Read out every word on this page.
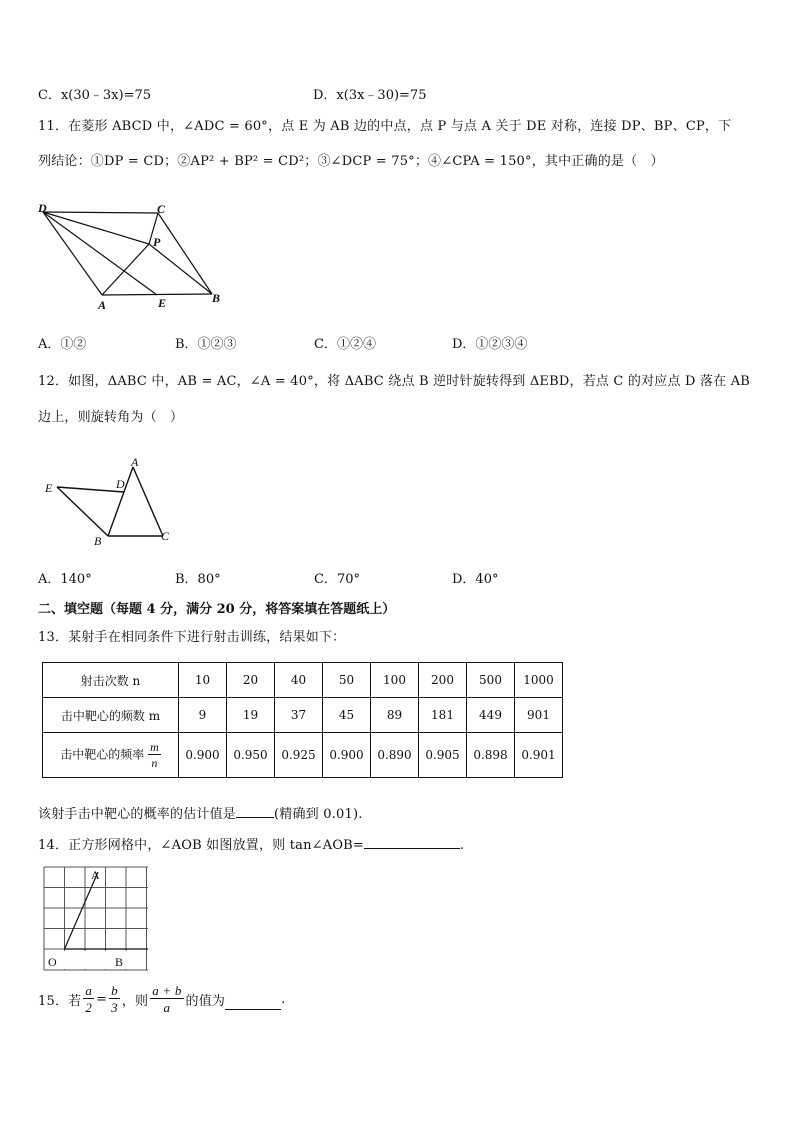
C．x(30﹣3x)=75	D．x(3x﹣30)=75
11．在菱形 ABCD 中，∠ADC = 60°，点 E 为 AB 边的中点，点 P 与点 A 关于 DE 对称，连接 DP、BP、CP，下
列结论：①DP = CD；②AP² + BP² = CD²；③∠DCP = 75°；④∠CPA = 150°，其中正确的是（　）
D	C
P
A	E	B
A．①②	B．①②③	C．①②④	D．①②③④
12．如图，ΔABC 中，AB = AC，∠A = 40°，将 ΔABC 绕点 B 逆时针旋转得到 ΔEBD，若点 C 的对应点 D 落在 AB
边上，则旋转角为（　）
A
D
E
B	C
A．140°	B．80°	C．70°	D．40°
二、填空题（每题 4 分，满分 20 分，将答案填在答题纸上）
13．某射手在相同条件下进行射击训练，结果如下：
射击次数 n	10	20	40	50	100	200	500	1000
击中靶心的频数 m	9	19	37	45	89	181	449	901
击中靶心的频率 $\frac{m}{n}$	0.900	0.950	0.925	0.900	0.890	0.905	0.898	0.901
该射手击中靶心的概率的估计值是	(精确到 0.01).
14．正方形网格中，∠AOB 如图放置，则 tan∠AOB=	.
A
O	B
15．若 $\frac{a}{2} = \frac{b}{3}$ ，则 $\frac{a + b}{a}$ 的值为	.
